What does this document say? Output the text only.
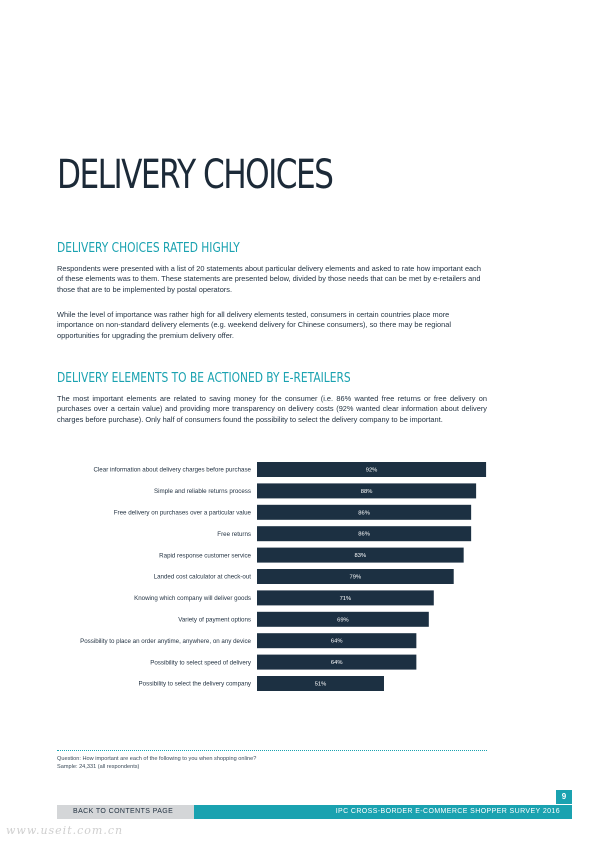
DELIVERY CHOICES
DELIVERY CHOICES RATED HIGHLY

Respondents were presented with a list of 20 statements about particular delivery elements and asked to rate how important each of these elements was to them. These statements are presented below, divided by those needs that can be met by e-retailers and those that are to be implemented by postal operators.

While the level of importance was rather high for all delivery elements tested, consumers in certain countries place more importance on non-standard delivery elements (e.g. weekend delivery for Chinese consumers), so there may be regional opportunities for upgrading the premium delivery offer.

DELIVERY ELEMENTS TO BE ACTIONED BY E-RETAILERS

The most important elements are related to saving money for the consumer (i.e. 86% wanted free returns or free delivery on purchases over a certain value) and providing more transparency on delivery costs (92% wanted clear information about delivery charges before purchase). Only half of consumers found the possibility to select the delivery company to be important.

Clear information about delivery charges before purchase	92%
Simple and reliable returns process	88%
Free delivery on purchases over a particular value	86%
Free returns	86%
Rapid response customer service	83%
Landed cost calculator at check-out	79%
Knowing which company will deliver goods	71%
Variety of payment options	69%
Possibility to place an order anytime, anywhere, on any device	64%
Possibility to select speed of delivery	64%
Possibility to select the delivery company	51%
Question: How important are each of the following to you when shopping online?
Sample: 24,331 (all respondents)
9
BACK TO CONTENTS PAGE	IPC CROSS-BORDER E-COMMERCE SHOPPER SURVEY 2016
www.useit.com.cn
